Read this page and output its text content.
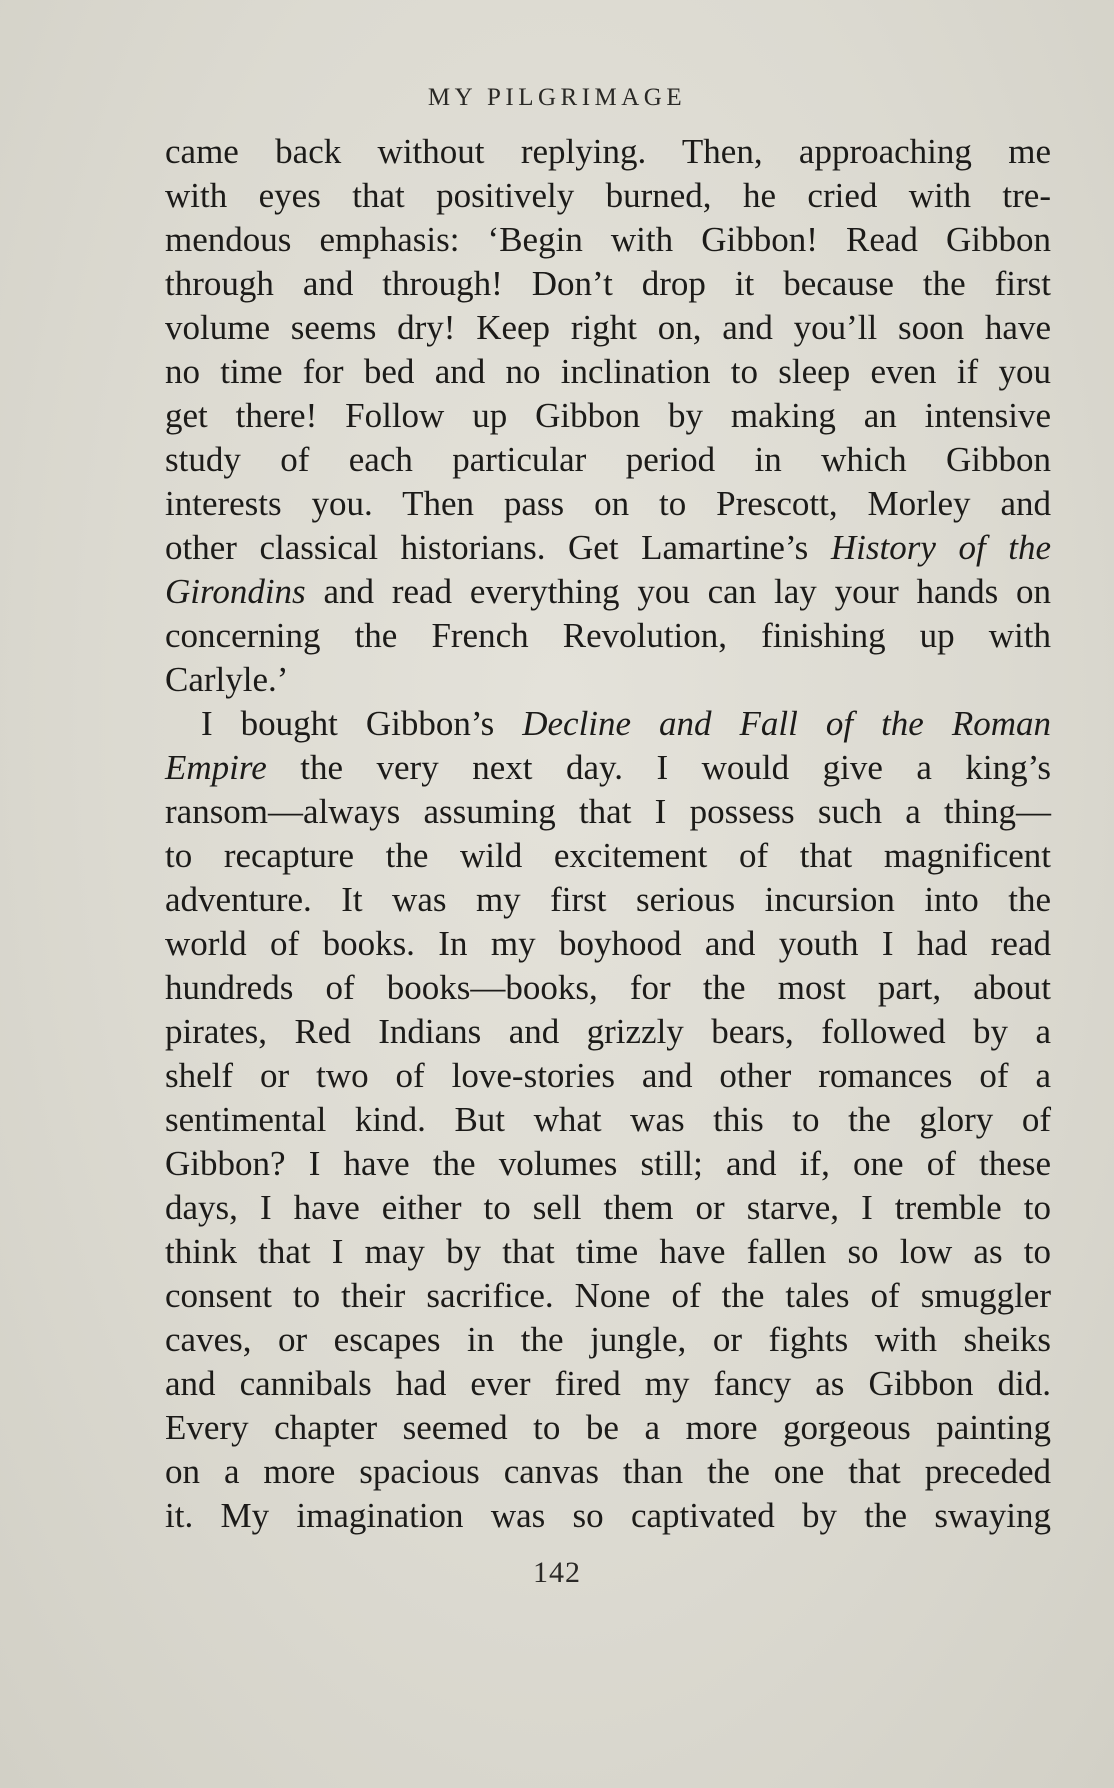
MY PILGRIMAGE
came back without replying. Then, approaching me
with eyes that positively burned, he cried with tre-
mendous emphasis: ‘Begin with Gibbon! Read Gibbon
through and through! Don’t drop it because the first
volume seems dry! Keep right on, and you’ll soon have
no time for bed and no inclination to sleep even if you
get there! Follow up Gibbon by making an intensive
study of each particular period in which Gibbon
interests you. Then pass on to Prescott, Morley and
other classical historians. Get Lamartine’s History of the
Girondins and read everything you can lay your hands on
concerning the French Revolution, finishing up with
Carlyle.’
I bought Gibbon’s Decline and Fall of the Roman
Empire the very next day. I would give a king’s
ransom—always assuming that I possess such a thing—
to recapture the wild excitement of that magnificent
adventure. It was my first serious incursion into the
world of books. In my boyhood and youth I had read
hundreds of books—books, for the most part, about
pirates, Red Indians and grizzly bears, followed by a
shelf or two of love-stories and other romances of a
sentimental kind. But what was this to the glory of
Gibbon? I have the volumes still; and if, one of these
days, I have either to sell them or starve, I tremble to
think that I may by that time have fallen so low as to
consent to their sacrifice. None of the tales of smuggler
caves, or escapes in the jungle, or fights with sheiks
and cannibals had ever fired my fancy as Gibbon did.
Every chapter seemed to be a more gorgeous painting
on a more spacious canvas than the one that preceded
it. My imagination was so captivated by the swaying
142
